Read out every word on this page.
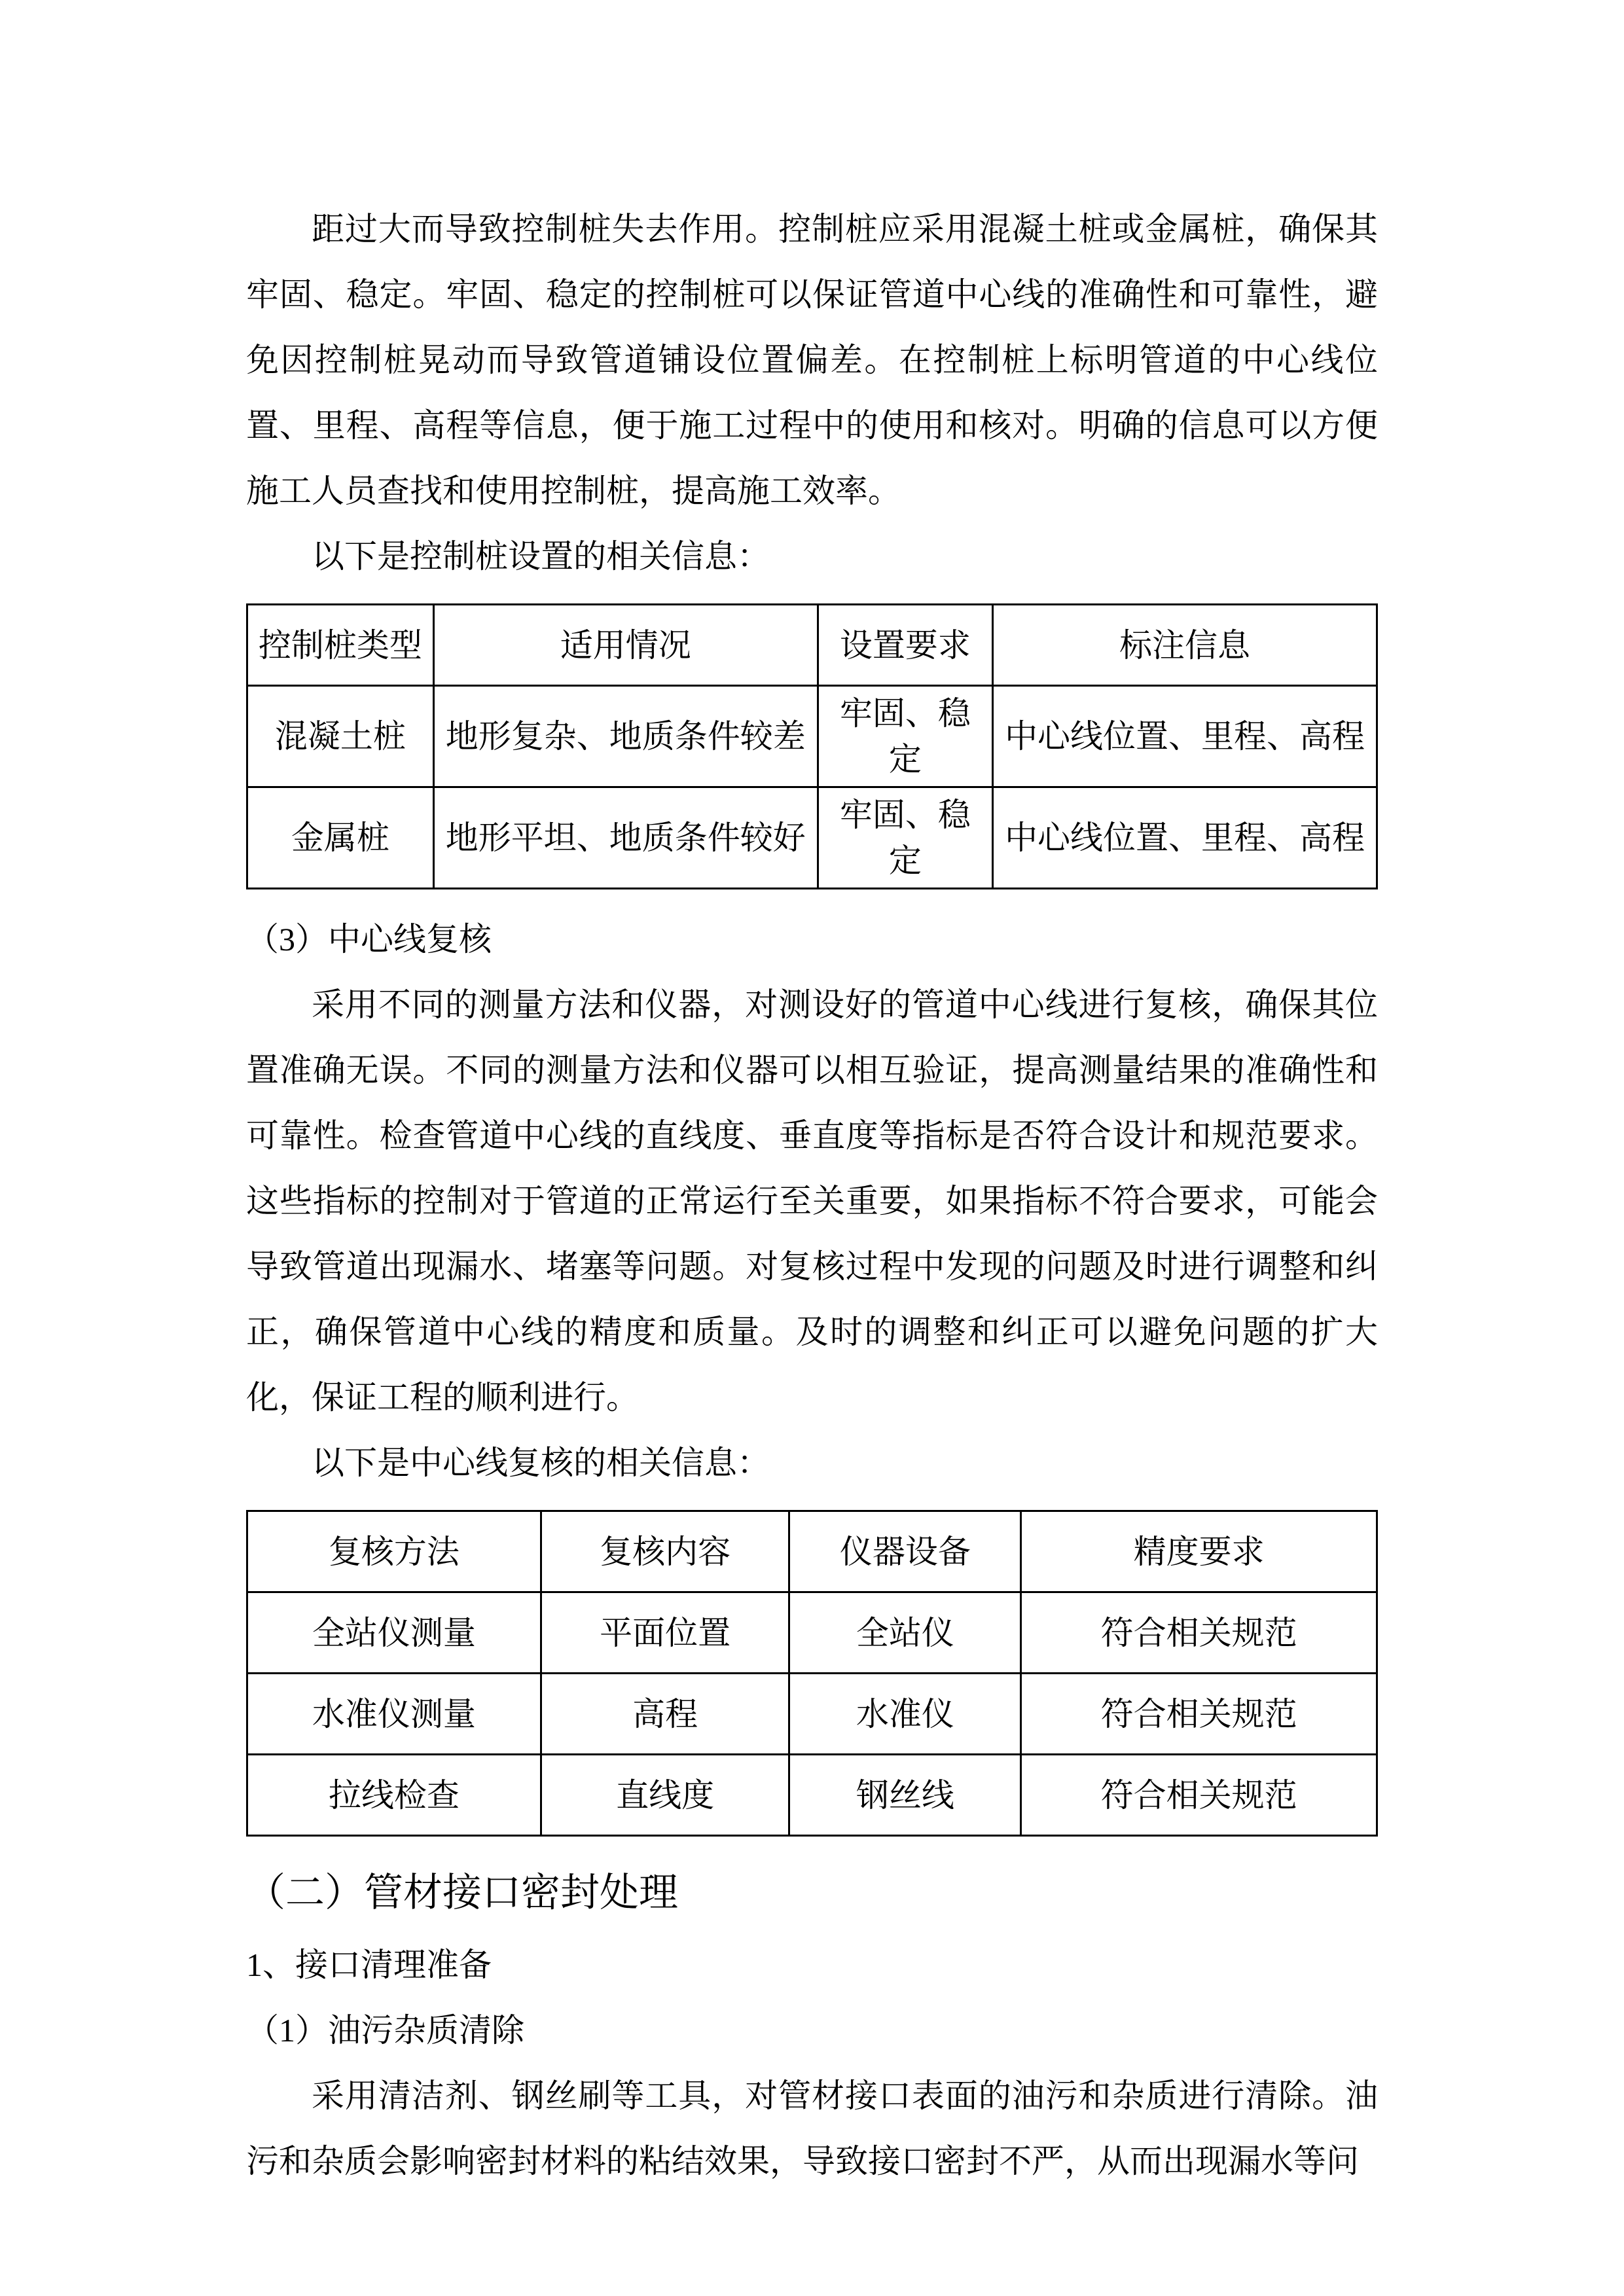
距过大而导致控制桩失去作用。控制桩应采用混凝土桩或金属桩，确保其牢固、稳定。牢固、稳定的控制桩可以保证管道中心线的准确性和可靠性，避免因控制桩晃动而导致管道铺设位置偏差。在控制桩上标明管道的中心线位置、里程、高程等信息，便于施工过程中的使用和核对。明确的信息可以方便施工人员查找和使用控制桩，提高施工效率。

以下是控制桩设置的相关信息：

控制桩类型	适用情况	设置要求	标注信息
混凝土桩	地形复杂、地质条件较差	牢固、稳定	中心线位置、里程、高程
金属桩	地形平坦、地质条件较好	牢固、稳定	中心线位置、里程、高程

（3）中心线复核

采用不同的测量方法和仪器，对测设好的管道中心线进行复核，确保其位置准确无误。不同的测量方法和仪器可以相互验证，提高测量结果的准确性和可靠性。检查管道中心线的直线度、垂直度等指标是否符合设计和规范要求。这些指标的控制对于管道的正常运行至关重要，如果指标不符合要求，可能会导致管道出现漏水、堵塞等问题。对复核过程中发现的问题及时进行调整和纠正，确保管道中心线的精度和质量。及时的调整和纠正可以避免问题的扩大化，保证工程的顺利进行。

以下是中心线复核的相关信息：

复核方法	复核内容	仪器设备	精度要求
全站仪测量	平面位置	全站仪	符合相关规范
水准仪测量	高程	水准仪	符合相关规范
拉线检查	直线度	钢丝线	符合相关规范

（二）管材接口密封处理

1、接口清理准备

（1）油污杂质清除

采用清洁剂、钢丝刷等工具，对管材接口表面的油污和杂质进行清除。油污和杂质会影响密封材料的粘结效果，导致接口密封不严，从而出现漏水等问
